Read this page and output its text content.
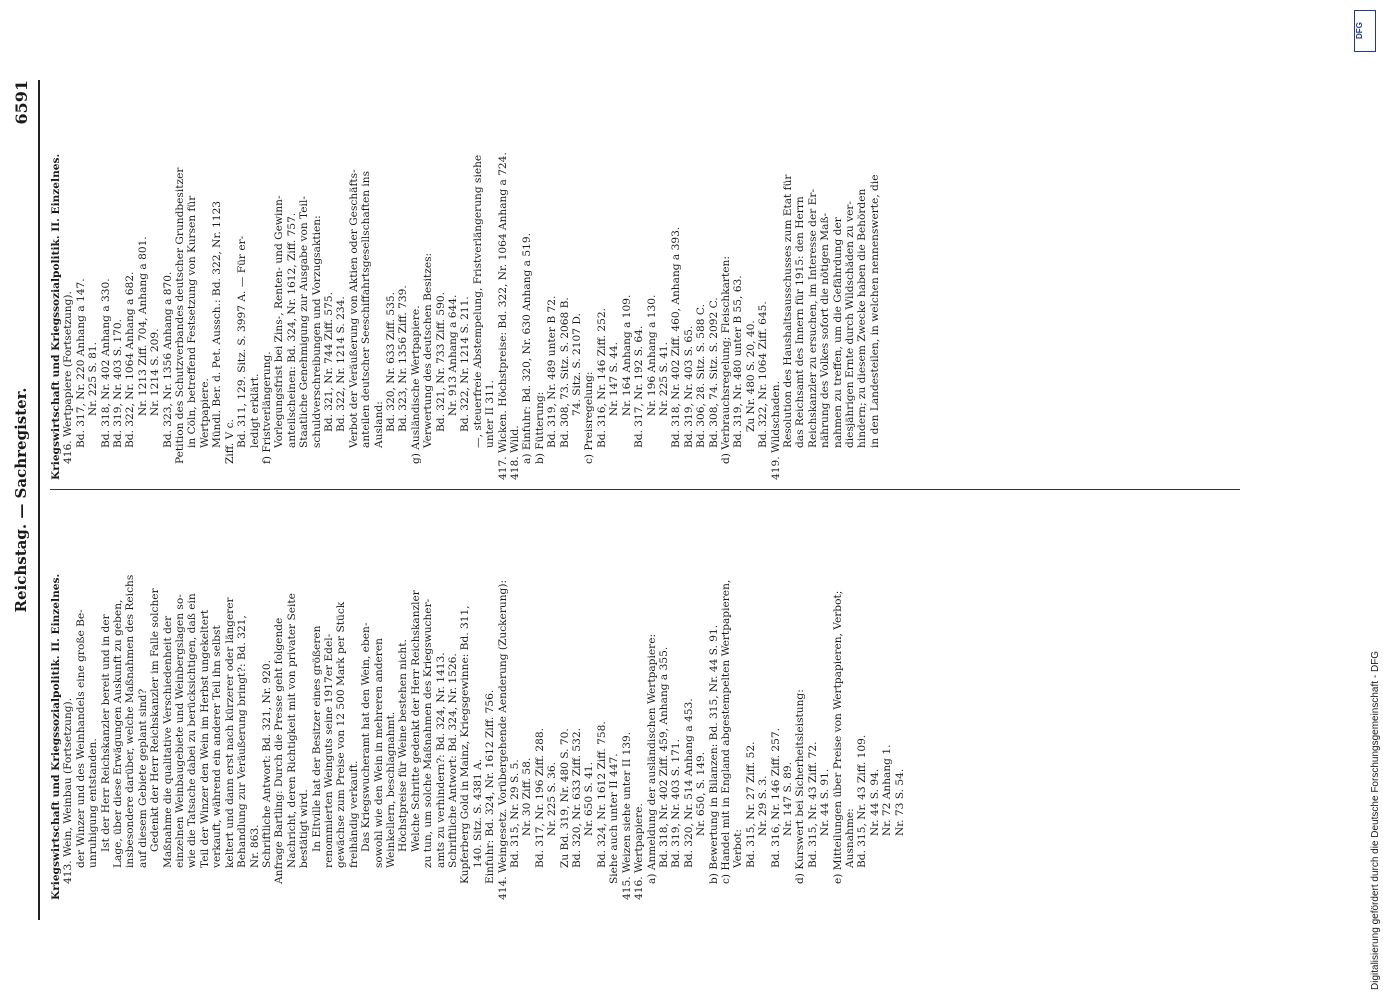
Reichstag. — Sachregister.
6591
Kriegswirtschaft und Kriegssozialpolitik. II. Einzelnes. 413. Wein, Weinbau (Fortsetzung). der Winzer und des Weinhandels eine große Be- unruhigung entstanden. Ist der Herr Reichskanzler bereit und in der Lage, über diese Erwägungen Auskunft zu geben, insbesondere darüber, welche Maßnahmen des Reichs auf diesem Gebiete geplant sind? Gedenkt der Herr Reichskanzler im Falle solcher Maßnahme die qualitative Verschiedenheit der einzelnen Weinbaugebiete und Weinbergslagen so- wie die Tatsache dabei zu berücksichtigen, daß ein Teil der Winzer den Wein im Herbst ungekeltert verkauft, während ein anderer Teil ihn selbst keltert und dann erst nach kürzerer oder längerer Behandlung zur Veräußerung bringt?: Bd. 321, Nr. 863. Schriftliche Antwort: Bd. 321, Nr. 920. Anfrage Bartling: Durch die Presse geht folgende Nachricht, deren Richtigkeit mit von privater Seite bestätigt wird. In Eltville hat der Besitzer eines größeren renommierten Weinguts seine 1917er Edel- gewächse zum Preise von 12 500 Mark per Stück freihändig verkauft. Das Kriegswucheramt hat den Wein, eben- sowohl wie den Wein in mehreren anderen Weinkellern, beschlagnahmt. Höchstpreise für Weine bestehen nicht. Welche Schritte gedenkt der Herr Reichskanzler zu tun, um solche Maßnahmen des Kriegswucher- amts zu verhindern?: Bd. 324, Nr. 1413. Schriftliche Antwort: Bd. 324, Nr. 1526. Kupferberg Gold in Mainz, Kriegsgewinne: Bd. 311, 140. Sitz. S. 4381 A. Einfuhr: Bd. 324, Nr. 1612 Ziff. 756. 414. Weingesetz. Vorübergehende Aenderung (Zuckerung): Bd. 315, Nr. 29 S. 5. Nr. 30 Ziff. 58. Bd. 317, Nr. 196 Ziff. 288. Nr. 225 S. 36. Zu Bd. 319, Nr. 480 S. 70. Bd. 320, Nr. 633 Ziff. 532. Nr. 650 S. 41. Bd. 324, Nr. 1612 Ziff. 758. Siehe auch unter II 447. 415. Weizen siehe unter II 139. 416. Wertpapiere. a) Anmeldung der ausländischen Wertpapiere: Bd. 318, Nr. 402 Ziff. 459, Anhang a 355. Bd. 319, Nr. 403 S. 171. Bd. 320, Nr. 514 Anhang a 453. Nr. 650, S. 149. b) Bewertung in Bilanzen: Bd. 315, Nr. 44 S. 91. c) Handel mit in England abgestempelten Wertpapieren, Verbot: Bd. 315, Nr. 27 Ziff. 52. Nr. 29 S. 3. Bd. 316, Nr. 146 Ziff. 257. Nr. 147 S. 89. d) Kurswert bei Sicherheitsleistung: Bd. 315, Nr. 43 Ziff. 72. Nr. 44 S. 91. e) Mitteilungen über Preise von Wertpapieren, Verbot; Ausnahme: Bd. 315, Nr. 43 Ziff. 109. Nr. 44 S. 94. Nr. 72 Anhang 1. Nr. 73 S. 54.
Kriegswirtschaft und Kriegssozialpolitik. II. Einzelnes. 416. Wertpapiere (Fortsetzung). Bd. 317, Nr. 220 Anhang a 147. Nr. 225 S. 81. Bd. 318, Nr. 402 Anhang a 330. Bd. 319, Nr. 403 S. 170. Bd. 322, Nr. 1064 Anhang a 682. Nr. 1213 Ziff. 704, Anhang a 801. Nr. 1214 S. 209. Bd. 323, Nr. 1356 Anhang a 870. Petition des Schutzverbandes deutscher Grundbesitzer in Cöln, betreffend Festsetzung von Kursen für Wertpapiere. Mündl. Ber. d. Pet. Aussch.: Bd. 322, Nr. 1123 Ziff. V c. Bd. 311, 129. Sitz. S. 3997 A. — Für er- ledigt erklärt. f) Fristverlängerung. Vorlegungsfrist bei Zins-, Renten- und Gewinn- anteilscheinen: Bd. 324, Nr. 1612, Ziff. 757. Staatliche Genehmigung zur Ausgabe von Teil- schuldverschreibungen und Vorzugsaktien: Bd. 321, Nr. 744 Ziff. 575. Bd. 322, Nr. 1214 S. 234. Verbot der Veräußerung von Aktien oder Geschäfts- anteilen deutscher Seeschiffahrtsgesellschaften ins Ausland: Bd. 320, Nr. 633 Ziff. 535. Bd. 323, Nr. 1356 Ziff. 739. g) Ausländische Wertpapiere. Verwertung des deutschen Besitzes: Bd. 321, Nr. 733 Ziff. 590. Nr. 913 Anhang a 644. Bd. 322, Nr. 1214 S. 211. —, steuerfreie Abstempelung, Fristverlängerung siehe unter II 311. 417. Wicken. Höchstpreise: Bd. 322, Nr. 1064 Anhang a 724. 418. Wild. a) Einfuhr: Bd. 320, Nr. 630 Anhang a 519. b) Fütterung: Bd. 319, Nr. 489 unter B 72. Bd. 308, 73. Sitz. S. 2068 B. 74. Sitz. S. 2107 D.
c) Preisregelung: Bd. 316, Nr. 146 Ziff. 252. Nr. 147 S. 44. Nr. 164 Anhang a 109. Bd. 317, Nr. 192 S. 64. Nr. 196 Anhang a 130. Nr. 225 S. 41. Bd. 318, Nr. 402 Ziff. 460, Anhang a 393. Bd. 319, Nr. 403 S. 65. Bd. 306, 28. Sitz. S. 588 C. Bd. 308, 74. Sitz. S. 2092 C. d) Verbrauchsregelung; Fleischkarten: Bd. 319, Nr. 480 unter B 55, 63. Zu Nr. 480 S. 20, 40. Bd. 322, Nr. 1064 Ziff. 645. 419. Wildschaden. Resolution des Haushaltsausschusses zum Etat für das Reichsamt des Innern für 1915: den Herrn Reichskanzler zu ersuchen, im Interesse der Er- nährung des Volkes sofort die nötigen Maß- nahmen zu treffen, um die Gefährdung der diesjährigen Ernte durch Wildschäden zu ver- hindern; zu diesem Zwecke haben die Behörden in den Landesteilen, in welchen nennenswerte, die
DFG
Digitalisierung gefördert durch die Deutsche Forschungsgemeinschaft - DFG
